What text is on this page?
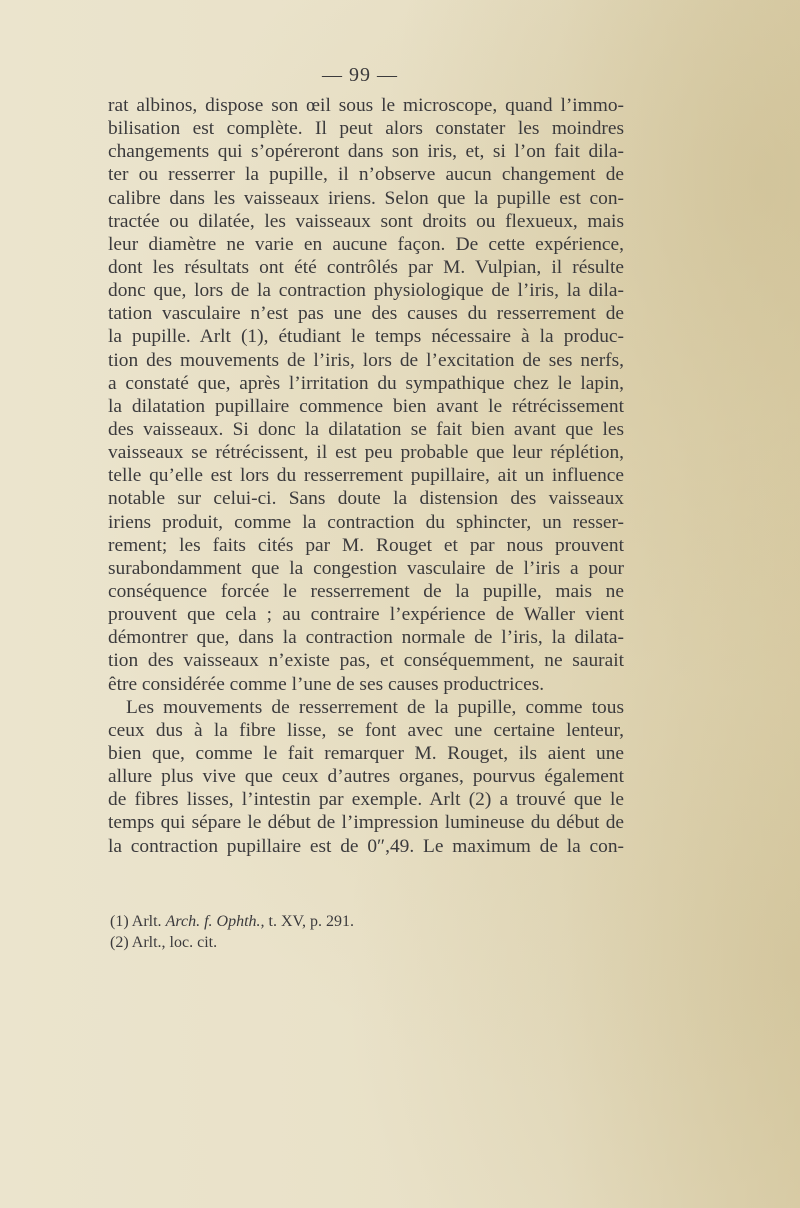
— 99 —
rat albinos, dispose son œil sous le microscope, quand l’immo-
bilisation est complète. Il peut alors constater les moindres
changements qui s’opéreront dans son iris, et, si l’on fait dila-
ter ou resserrer la pupille, il n’observe aucun changement de
calibre dans les vaisseaux iriens. Selon que la pupille est con-
tractée ou dilatée, les vaisseaux sont droits ou flexueux, mais
leur diamètre ne varie en aucune façon. De cette expérience,
dont les résultats ont été contrôlés par M. Vulpian, il résulte
donc que, lors de la contraction physiologique de l’iris, la dila-
tation vasculaire n’est pas une des causes du resserrement de
la pupille. Arlt (1), étudiant le temps nécessaire à la produc-
tion des mouvements de l’iris, lors de l’excitation de ses nerfs,
a constaté que, après l’irritation du sympathique chez le lapin,
la dilatation pupillaire commence bien avant le rétrécissement
des vaisseaux. Si donc la dilatation se fait bien avant que les
vaisseaux se rétrécissent, il est peu probable que leur réplétion,
telle qu’elle est lors du resserrement pupillaire, ait un influence
notable sur celui-ci. Sans doute la distension des vaisseaux
iriens produit, comme la contraction du sphincter, un resser-
rement; les faits cités par M. Rouget et par nous prouvent
surabondamment que la congestion vasculaire de l’iris a pour
conséquence forcée le resserrement de la pupille, mais ne
prouvent que cela ; au contraire l’expérience de Waller vient
démontrer que, dans la contraction normale de l’iris, la dilata-
tion des vaisseaux n’existe pas, et conséquemment, ne saurait
être considérée comme l’une de ses causes productrices.
Les mouvements de resserrement de la pupille, comme tous
ceux dus à la fibre lisse, se font avec une certaine lenteur,
bien que, comme le fait remarquer M. Rouget, ils aient une
allure plus vive que ceux d’autres organes, pourvus également
de fibres lisses, l’intestin par exemple. Arlt (2) a trouvé que le
temps qui sépare le début de l’impression lumineuse du début de
la contraction pupillaire est de 0″,49. Le maximum de la con-
(1) Arlt. Arch. f. Ophth., t. XV, p. 291.
(2) Arlt., loc. cit.
